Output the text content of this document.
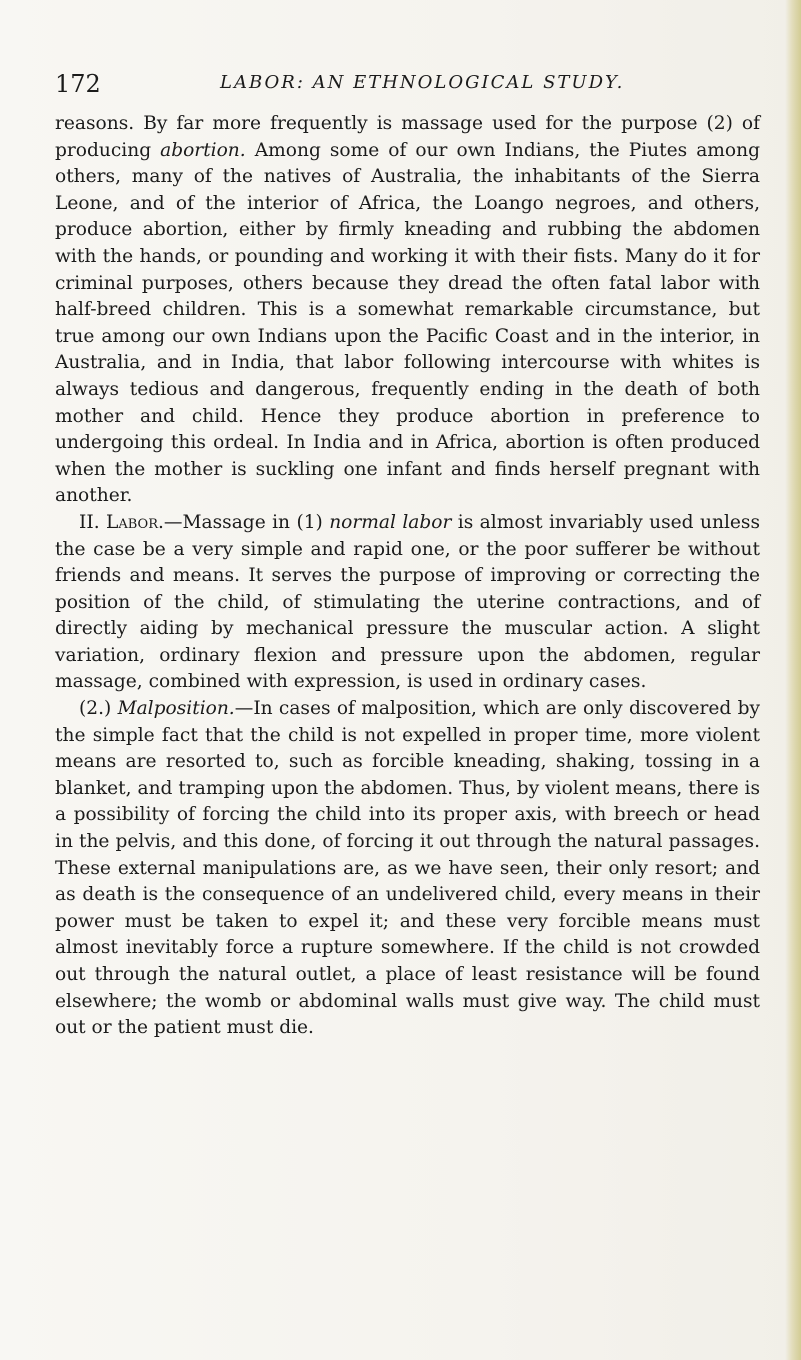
172	LABOR: AN ETHNOLOGICAL STUDY.

reasons. By far more frequently is massage used for the purpose (2) of producing abortion. Among some of our own Indians, the Piutes among others, many of the natives of Australia, the inhabitants of the Sierra Leone, and of the interior of Africa, the Loango negroes, and others, produce abortion, either by firmly kneading and rubbing the abdomen with the hands, or pounding and working it with their fists. Many do it for criminal purposes, others because they dread the often fatal labor with half-breed children. This is a somewhat remarkable circumstance, but true among our own Indians upon the Pacific Coast and in the interior, in Australia, and in India, that labor following intercourse with whites is always tedious and dangerous, frequently ending in the death of both mother and child. Hence they produce abortion in preference to undergoing this ordeal. In India and in Africa, abortion is often produced when the mother is suckling one infant and finds herself pregnant with another.

II. Labor.—Massage in (1) normal labor is almost invariably used unless the case be a very simple and rapid one, or the poor sufferer be without friends and means. It serves the purpose of improving or correcting the position of the child, of stimulating the uterine contractions, and of directly aiding by mechanical pressure the muscular action. A slight variation, ordinary flexion and pressure upon the abdomen, regular massage, combined with expression, is used in ordinary cases.

(2.) Malposition.—In cases of malposition, which are only discovered by the simple fact that the child is not expelled in proper time, more violent means are resorted to, such as forcible kneading, shaking, tossing in a blanket, and tramping upon the abdomen. Thus, by violent means, there is a possibility of forcing the child into its proper axis, with breech or head in the pelvis, and this done, of forcing it out through the natural passages. These external manipulations are, as we have seen, their only resort; and as death is the consequence of an undelivered child, every means in their power must be taken to expel it; and these very forcible means must almost inevitably force a rupture somewhere. If the child is not crowded out through the natural outlet, a place of least resistance will be found elsewhere; the womb or abdominal walls must give way. The child must out or the patient must die.
